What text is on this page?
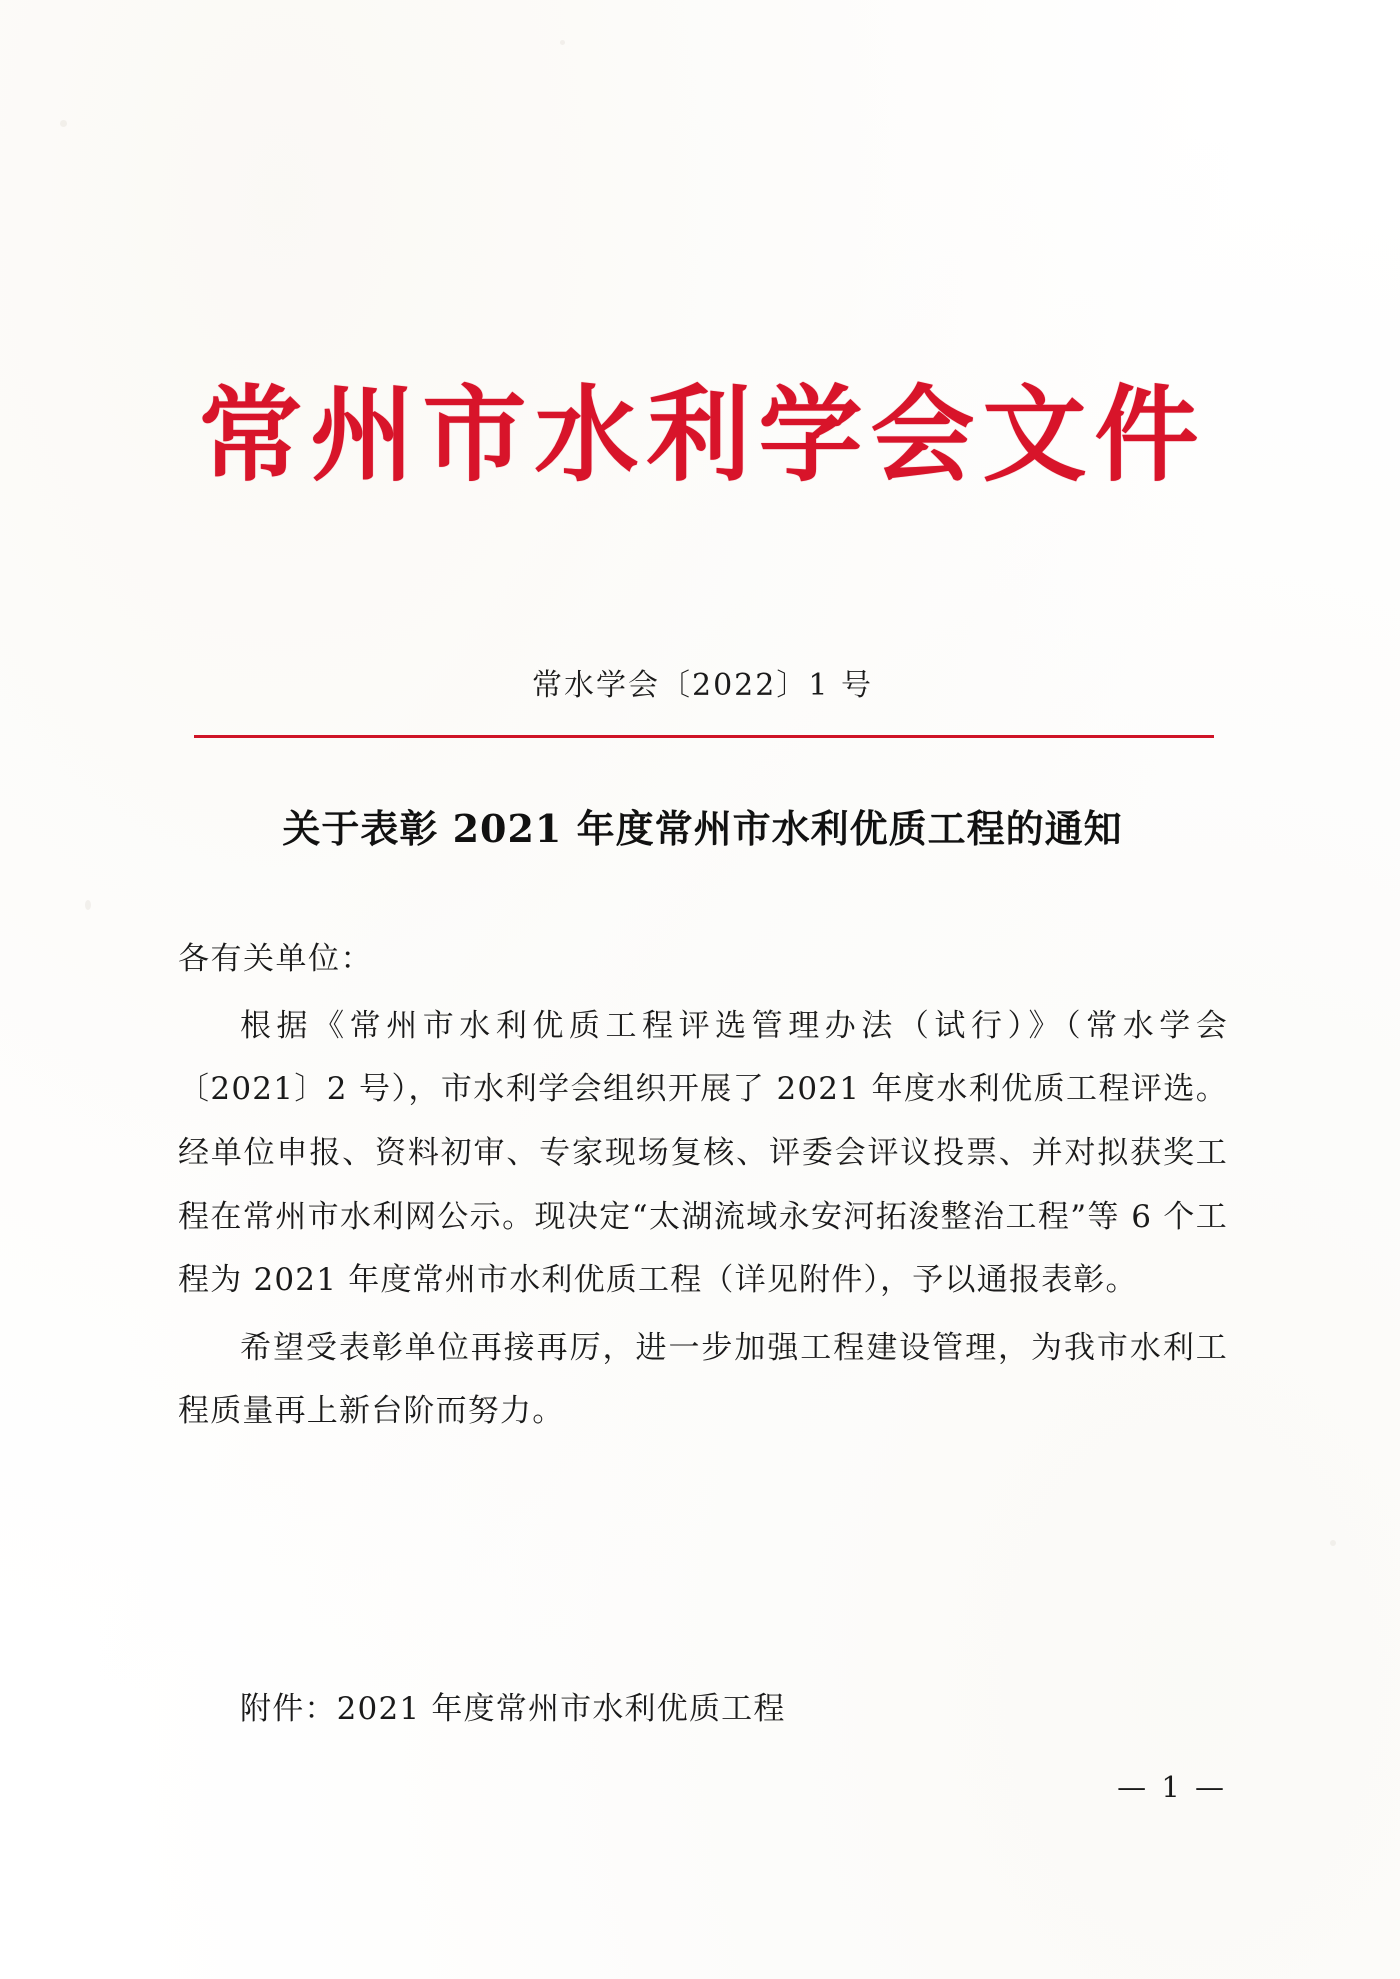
常州市水利学会文件
常水学会〔2022〕1 号
关于表彰 2021 年度常州市水利优质工程的通知

各有关单位：

根据《常州市水利优质工程评选管理办法（试行）》（常水学会〔2021〕2 号），市水利学会组织开展了 2021 年度水利优质工程评选。经单位申报、资料初审、专家现场复核、评委会评议投票、并对拟获奖工程在常州市水利网公示。现决定“太湖流域永安河拓浚整治工程”等 6 个工程为 2021 年度常州市水利优质工程（详见附件），予以通报表彰。

希望受表彰单位再接再厉，进一步加强工程建设管理，为我市水利工程质量再上新台阶而努力。

附件：2021 年度常州市水利优质工程
— 1 —
